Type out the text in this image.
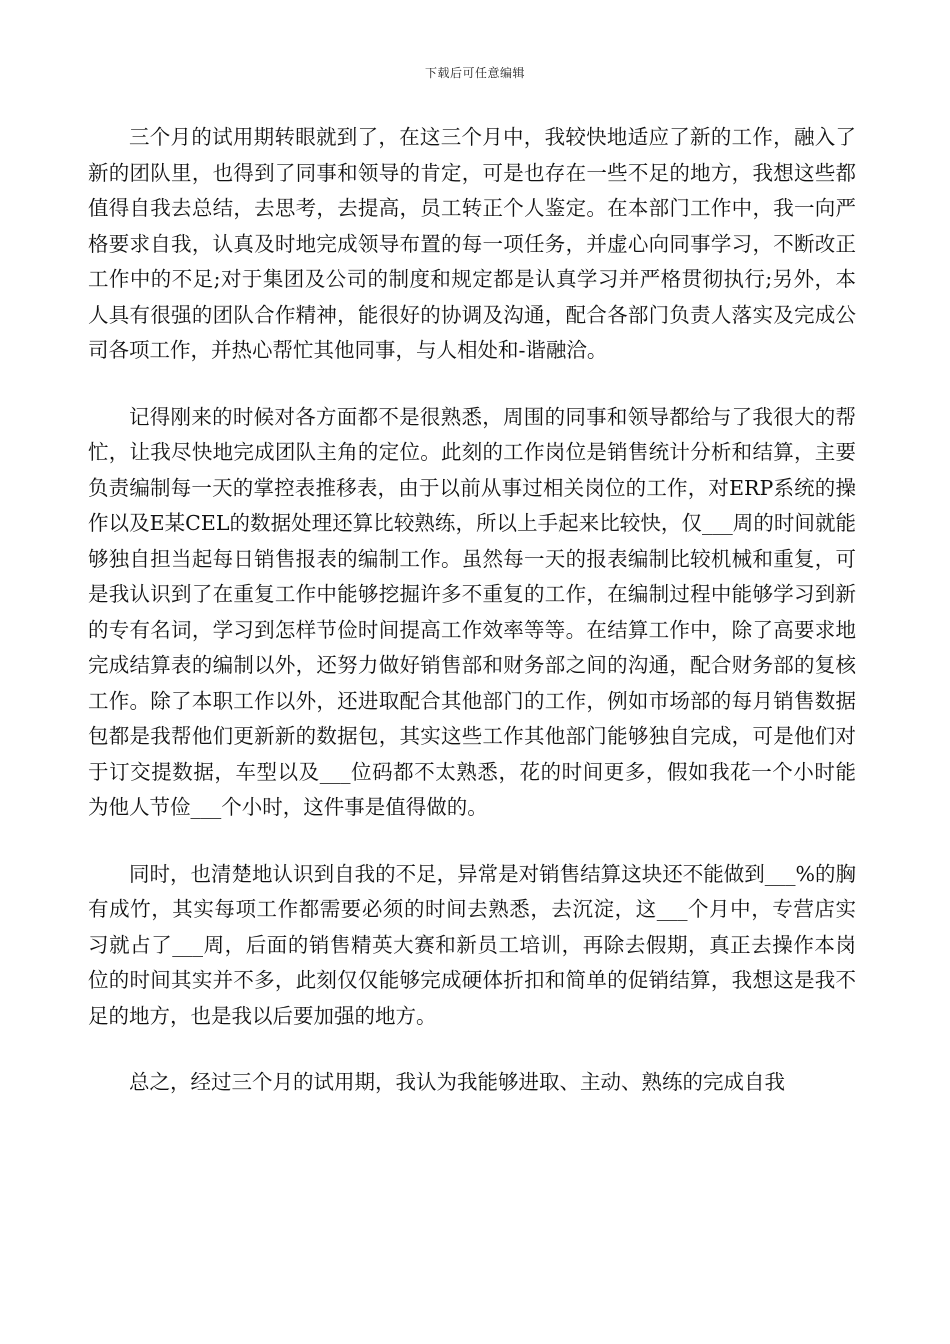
下载后可任意编辑

三个月的试用期转眼就到了，在这三个月中，我较快地适应了新的工作，融入了新的团队里，也得到了同事和领导的肯定，可是也存在一些不足的地方，我想这些都值得自我去总结，去思考，去提高，员工转正个人鉴定。在本部门工作中，我一向严格要求自我，认真及时地完成领导布置的每一项任务，并虚心向同事学习，不断改正工作中的不足;对于集团及公司的制度和规定都是认真学习并严格贯彻执行;另外，本人具有很强的团队合作精神，能很好的协调及沟通，配合各部门负责人落实及完成公司各项工作，并热心帮忙其他同事，与人相处和-谐融洽。

记得刚来的时候对各方面都不是很熟悉，周围的同事和领导都给与了我很大的帮忙，让我尽快地完成团队主角的定位。此刻的工作岗位是销售统计分析和结算，主要负责编制每一天的掌控表推移表，由于以前从事过相关岗位的工作，对ERP系统的操作以及E某CEL的数据处理还算比较熟练，所以上手起来比较快，仅___周的时间就能够独自担当起每日销售报表的编制工作。虽然每一天的报表编制比较机械和重复，可是我认识到了在重复工作中能够挖掘许多不重复的工作，在编制过程中能够学习到新的专有名词，学习到怎样节俭时间提高工作效率等等。在结算工作中，除了高要求地完成结算表的编制以外，还努力做好销售部和财务部之间的沟通，配合财务部的复核工作。除了本职工作以外，还进取配合其他部门的工作，例如市场部的每月销售数据包都是我帮他们更新新的数据包，其实这些工作其他部门能够独自完成，可是他们对于订交提数据，车型以及___位码都不太熟悉，花的时间更多，假如我花一个小时能为他人节俭___个小时，这件事是值得做的。

同时，也清楚地认识到自我的不足，异常是对销售结算这块还不能做到___%的胸有成竹，其实每项工作都需要必须的时间去熟悉，去沉淀，这___个月中，专营店实习就占了___周，后面的销售精英大赛和新员工培训，再除去假期，真正去操作本岗位的时间其实并不多，此刻仅仅能够完成硬体折扣和简单的促销结算，我想这是我不足的地方，也是我以后要加强的地方。

总之，经过三个月的试用期，我认为我能够进取、主动、熟练的完成自我
